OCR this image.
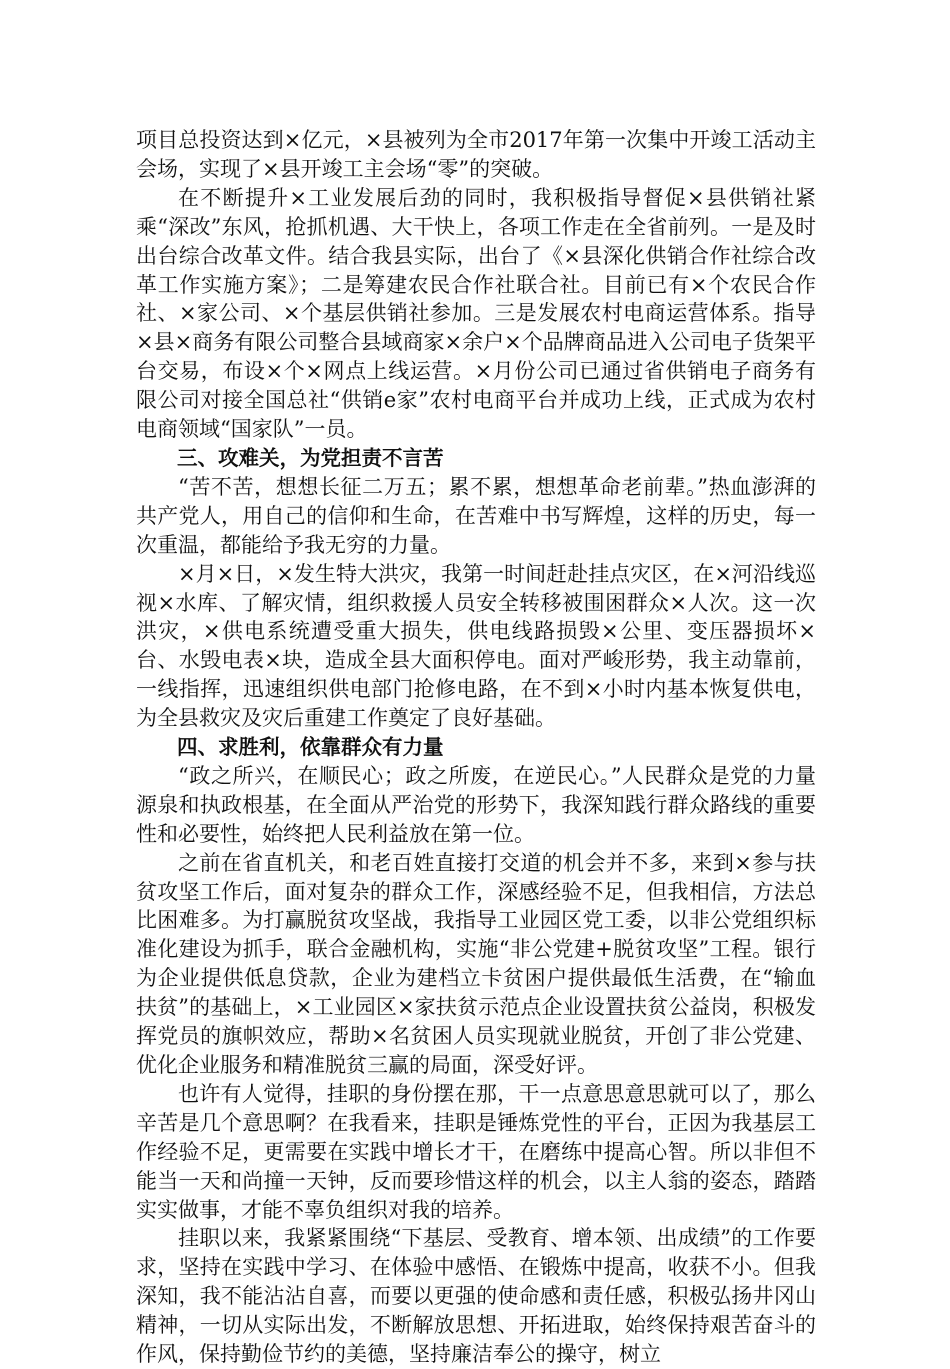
项目总投资达到×亿元，×县被列为全市2017年第一次集中开竣工活动主会场，实现了×县开竣工主会场“零”的突破。

在不断提升×工业发展后劲的同时，我积极指导督促×县供销社紧乘“深改”东风，抢抓机遇、大干快上，各项工作走在全省前列。一是及时出台综合改革文件。结合我县实际，出台了《×县深化供销合作社综合改革工作实施方案》；二是筹建农民合作社联合社。目前已有×个农民合作社、×家公司、×个基层供销社参加。三是发展农村电商运营体系。指导×县×商务有限公司整合县域商家×余户×个品牌商品进入公司电子货架平台交易，布设×个×网点上线运营。×月份公司已通过省供销电子商务有限公司对接全国总社“供销e家”农村电商平台并成功上线，正式成为农村电商领域“国家队”一员。

三、攻难关，为党担责不言苦

“苦不苦，想想长征二万五；累不累，想想革命老前辈。”热血澎湃的共产党人，用自己的信仰和生命，在苦难中书写辉煌，这样的历史，每一次重温，都能给予我无穷的力量。

×月×日，×发生特大洪灾，我第一时间赶赴挂点灾区，在×河沿线巡视×水库、了解灾情，组织救援人员安全转移被围困群众×人次。这一次洪灾，×供电系统遭受重大损失，供电线路损毁×公里、变压器损坏×台、水毁电表×块，造成全县大面积停电。面对严峻形势，我主动靠前，一线指挥，迅速组织供电部门抢修电路，在不到×小时内基本恢复供电，为全县救灾及灾后重建工作奠定了良好基础。

四、求胜利，依靠群众有力量

“政之所兴，在顺民心；政之所废，在逆民心。”人民群众是党的力量源泉和执政根基，在全面从严治党的形势下，我深知践行群众路线的重要性和必要性，始终把人民利益放在第一位。

之前在省直机关，和老百姓直接打交道的机会并不多，来到×参与扶贫攻坚工作后，面对复杂的群众工作，深感经验不足，但我相信，方法总比困难多。为打赢脱贫攻坚战，我指导工业园区党工委，以非公党组织标准化建设为抓手，联合金融机构，实施“非公党建+脱贫攻坚”工程。银行为企业提供低息贷款，企业为建档立卡贫困户提供最低生活费，在“输血扶贫”的基础上，×工业园区×家扶贫示范点企业设置扶贫公益岗，积极发挥党员的旗帜效应，帮助×名贫困人员实现就业脱贫，开创了非公党建、优化企业服务和精准脱贫三赢的局面，深受好评。

也许有人觉得，挂职的身份摆在那，干一点意思意思就可以了，那么辛苦是几个意思啊？在我看来，挂职是锤炼党性的平台，正因为我基层工作经验不足，更需要在实践中增长才干，在磨练中提高心智。所以非但不能当一天和尚撞一天钟，反而要珍惜这样的机会，以主人翁的姿态，踏踏实实做事，才能不辜负组织对我的培养。

挂职以来，我紧紧围绕“下基层、受教育、增本领、出成绩”的工作要求，坚持在实践中学习、在体验中感悟、在锻炼中提高，收获不小。但我深知，我不能沾沾自喜，而要以更强的使命感和责任感，积极弘扬井冈山精神，一切从实际出发，不断解放思想、开拓进取，始终保持艰苦奋斗的作风，保持勤俭节约的美德，坚持廉洁奉公的操守，树立
